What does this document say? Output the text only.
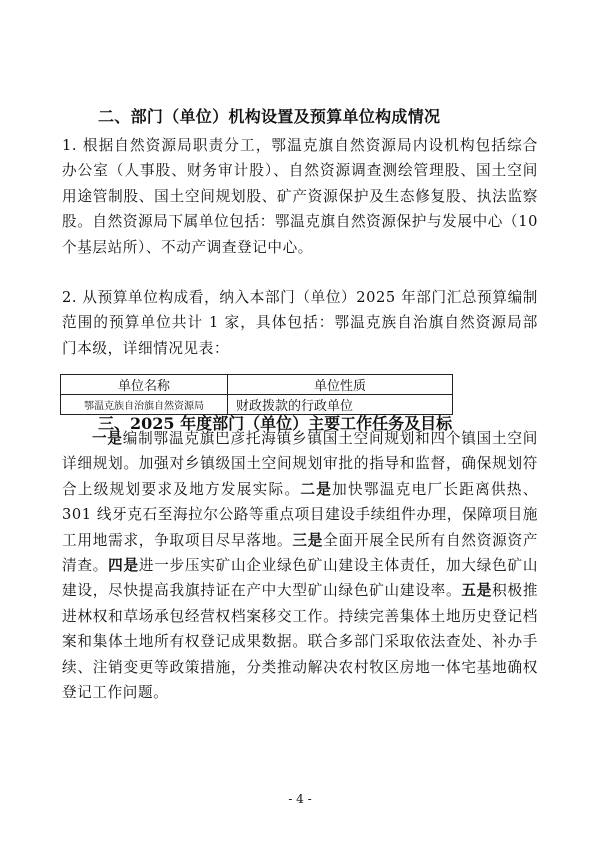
二、部门（单位）机构设置及预算单位构成情况
1. 根据自然资源局职责分工，鄂温克旗自然资源局内设机构包括综合办公室（人事股、财务审计股）、自然资源调查测绘管理股、国土空间用途管制股、国土空间规划股、矿产资源保护及生态修复股、执法监察股。自然资源局下属单位包括：鄂温克旗自然资源保护与发展中心（10 个基层站所）、不动产调查登记中心。
2. 从预算单位构成看，纳入本部门（单位）2025 年部门汇总预算编制范围的预算单位共计 1 家，具体包括：鄂温克族自治旗自然资源局部门本级，详细情况见表：
单位名称	单位性质
鄂温克族自治旗自然资源局	财政拨款的行政单位
三、2025 年度部门（单位）主要工作任务及目标
一是编制鄂温克旗巴彦托海镇乡镇国土空间规划和四个镇国土空间详细规划。加强对乡镇级国土空间规划审批的指导和监督，确保规划符合上级规划要求及地方发展实际。二是加快鄂温克电厂长距离供热、301 线牙克石至海拉尔公路等重点项目建设手续组件办理，保障项目施工用地需求，争取项目尽早落地。三是全面开展全民所有自然资源资产清查。四是进一步压实矿山企业绿色矿山建设主体责任，加大绿色矿山建设，尽快提高我旗持证在产中大型矿山绿色矿山建设率。五是积极推进林权和草场承包经营权档案移交工作。持续完善集体土地历史登记档案和集体土地所有权登记成果数据。联合多部门采取依法查处、补办手续、注销变更等政策措施，分类推动解决农村牧区房地一体宅基地确权登记工作问题。
- 4 -
